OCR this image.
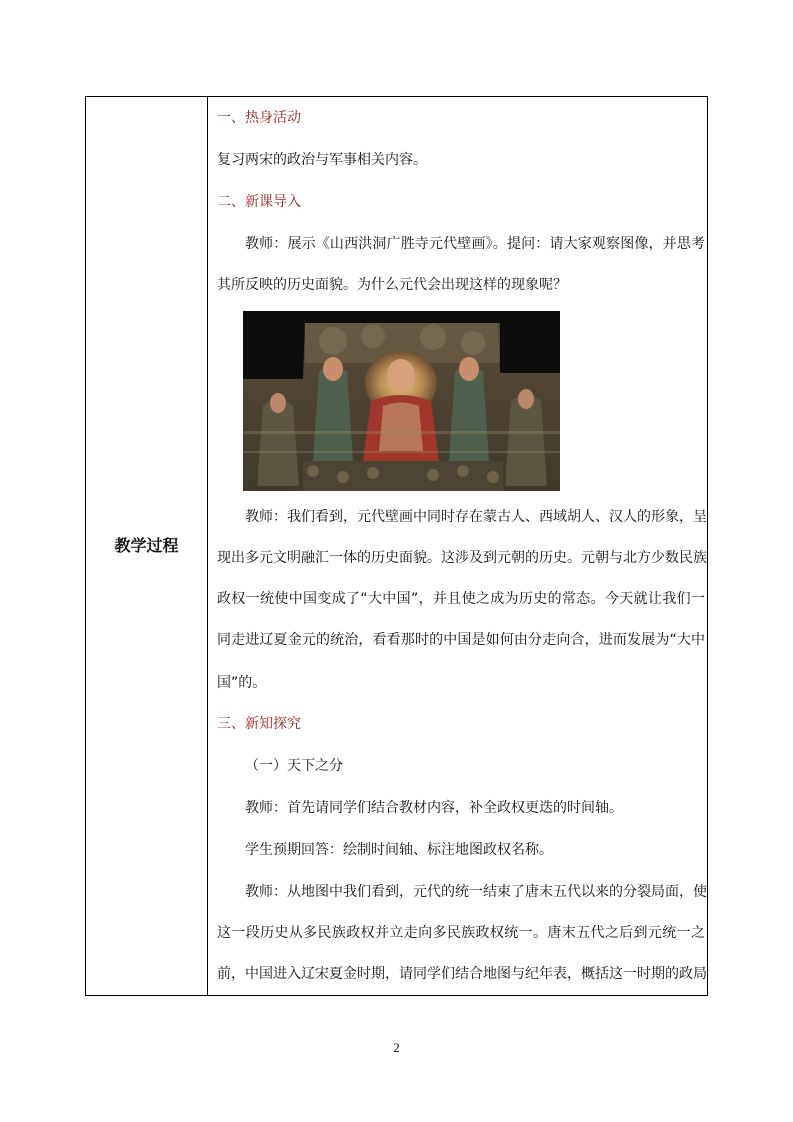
教学过程
一、热身活动
复习两宋的政治与军事相关内容。
二、新课导入
教师：展示《山西洪洞广胜寺元代壁画》。提问：请大家观察图像，并思考
其所反映的历史面貌。为什么元代会出现这样的现象呢？
教师：我们看到，元代壁画中同时存在蒙古人、西域胡人、汉人的形象，呈
现出多元文明融汇一体的历史面貌。这涉及到元朝的历史。元朝与北方少数民族
政权一统使中国变成了“大中国”，并且使之成为历史的常态。今天就让我们一
同走进辽夏金元的统治，看看那时的中国是如何由分走向合，进而发展为“大中
国”的。
三、新知探究
（一）天下之分
教师：首先请同学们结合教材内容，补全政权更迭的时间轴。
学生预期回答：绘制时间轴、标注地图政权名称。
教师：从地图中我们看到，元代的统一结束了唐末五代以来的分裂局面，使
这一段历史从多民族政权并立走向多民族政权统一。唐末五代之后到元统一之
前，中国进入辽宋夏金时期，请同学们结合地图与纪年表，概括这一时期的政局
2
